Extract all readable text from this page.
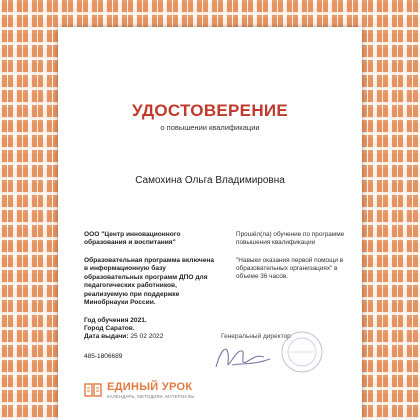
УДОСТОВЕРЕНИЕ
о повышении квалификации
Самохина Ольга Владимировна
ООО "Центр инновационного образования и воспитания"
Образовательная программа включена в информационную базу образовательных программ ДПО для педагогических работников, реализуемую при поддержке Минобрнауки России.
Год обучения 2021.
Город Саратов.
Дата выдачи: 25 02 2022
Прошёл(ла) обучение по программе повышения квалификации
"Навыки оказания первой помощи в образовательных организациях" в объеме 36 часов.
485-1806689
Генеральный директор
ЕДИНЫЙ УРОК
КАЛЕНДАРЬ, МЕТОДИКИ, МАТЕРИАЛЫ
